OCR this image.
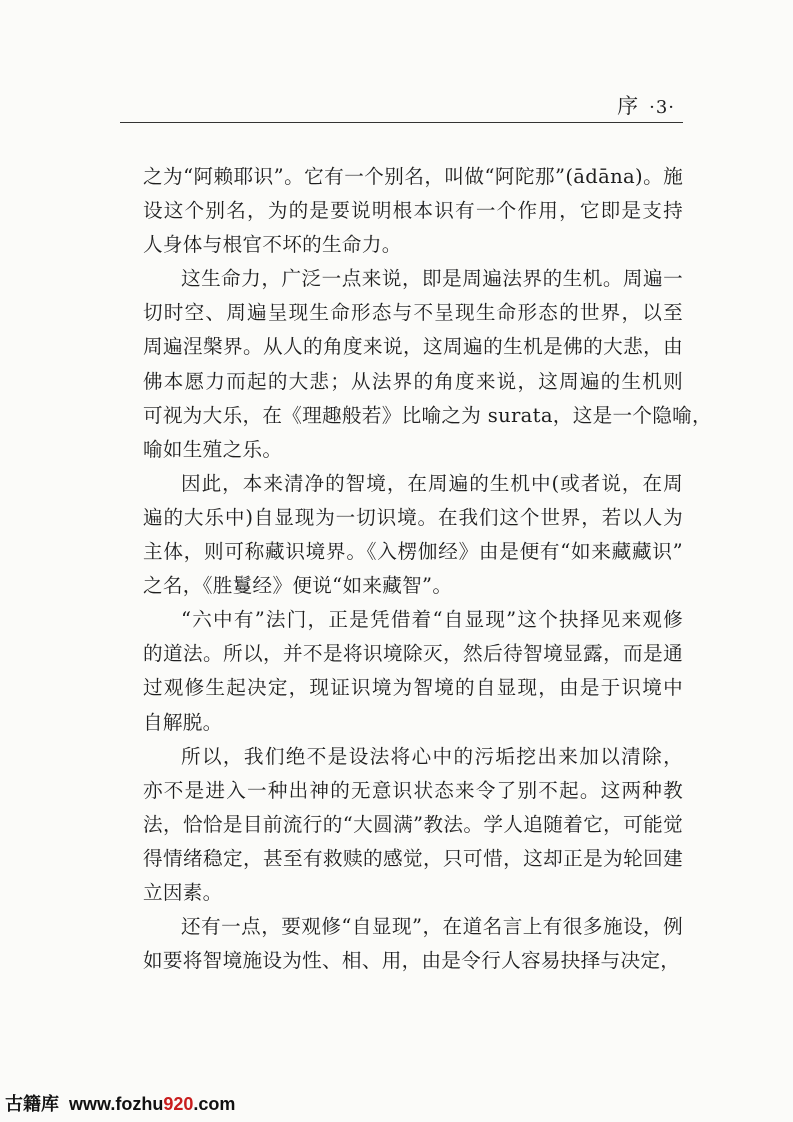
序 ·3·
之为“阿赖耶识”。它有一个别名，叫做“阿陀那”(ādāna)。施
设这个别名，为的是要说明根本识有一个作用，它即是支持
人身体与根官不坏的生命力。
这生命力，广泛一点来说，即是周遍法界的生机。周遍一
切时空、周遍呈现生命形态与不呈现生命形态的世界，以至
周遍涅槃界。从人的角度来说，这周遍的生机是佛的大悲，由
佛本愿力而起的大悲；从法界的角度来说，这周遍的生机则
可视为大乐，在《理趣般若》比喻之为 surata，这是一个隐喻，
喻如生殖之乐。
因此，本来清净的智境，在周遍的生机中(或者说，在周
遍的大乐中)自显现为一切识境。在我们这个世界，若以人为
主体，则可称藏识境界。《入楞伽经》由是便有“如来藏藏识”
之名，《胜鬘经》便说“如来藏智”。
“六中有”法门，正是凭借着“自显现”这个抉择见来观修
的道法。所以，并不是将识境除灭，然后待智境显露，而是通
过观修生起决定，现证识境为智境的自显现，由是于识境中
自解脱。
所以，我们绝不是设法将心中的污垢挖出来加以清除，
亦不是进入一种出神的无意识状态来令了别不起。这两种教
法，恰恰是目前流行的“大圆满”教法。学人追随着它，可能觉
得情绪稳定，甚至有救赎的感觉，只可惜，这却正是为轮回建
立因素。
还有一点，要观修“自显现”，在道名言上有很多施设，例
如要将智境施设为性、相、用，由是令行人容易抉择与决定，
古籍库 www.fozhu920.com
